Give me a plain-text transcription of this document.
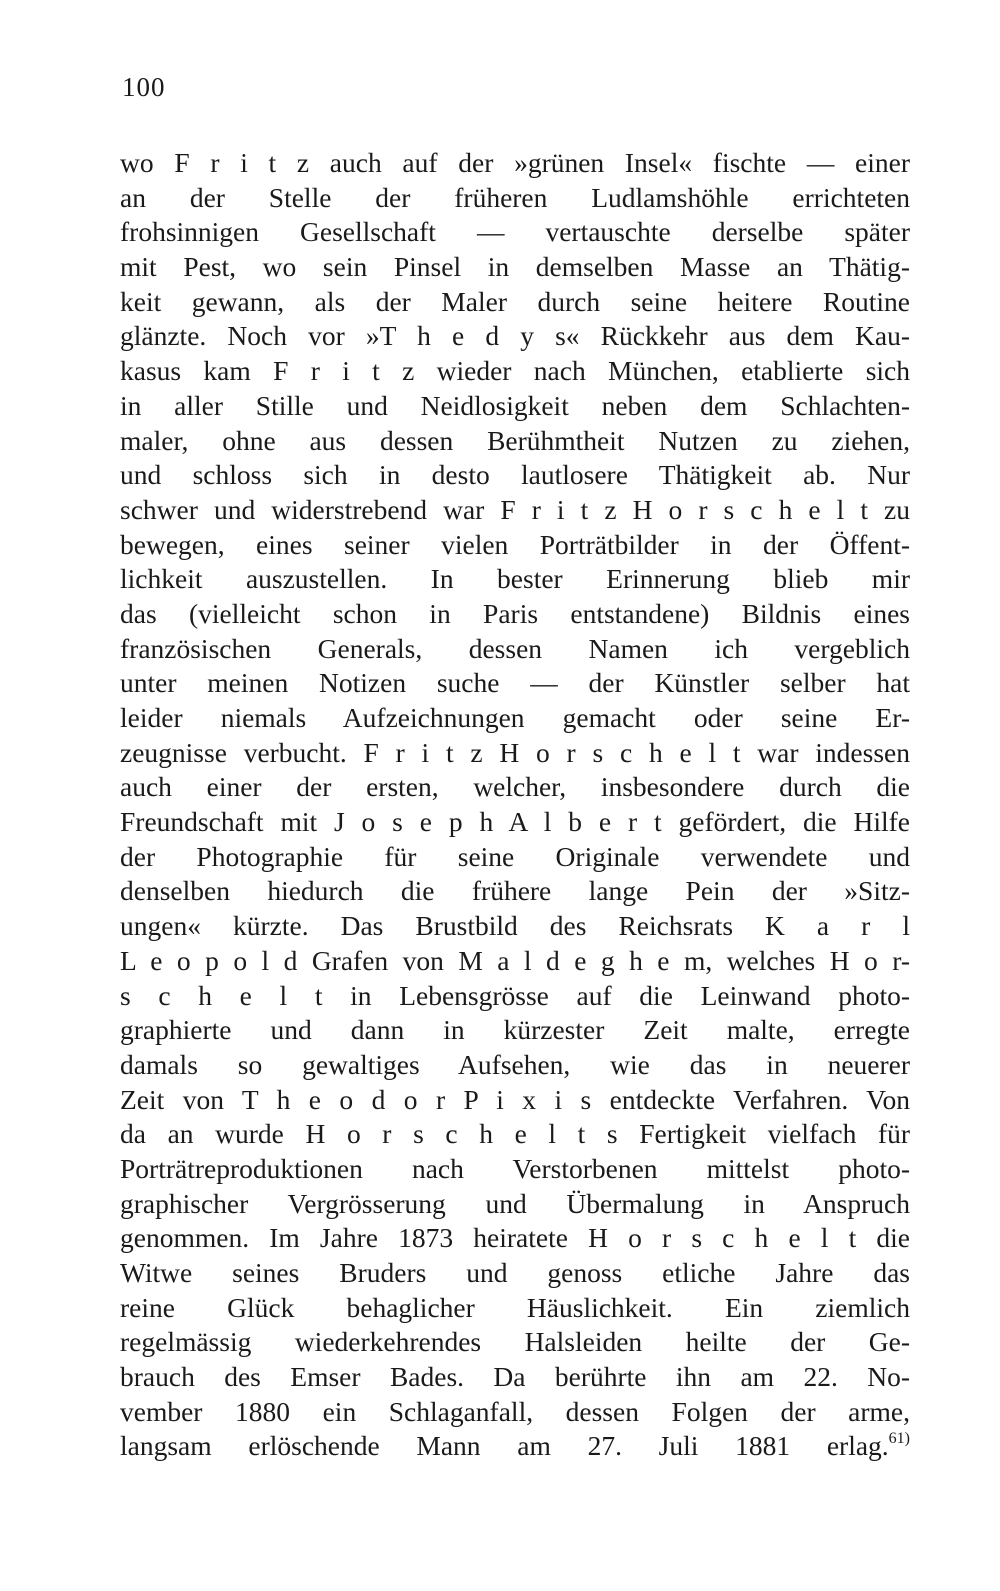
100
wo F r i t z auch auf der »grünen Insel« fischte — einer
an der Stelle der früheren Ludlamshöhle errichteten
frohsinnigen Gesellschaft — vertauschte derselbe später
mit Pest, wo sein Pinsel in demselben Masse an Thätig-
keit gewann, als der Maler durch seine heitere Routine
glänzte. Noch vor »T h e d y s« Rückkehr aus dem Kau-
kasus kam F r i t z wieder nach München, etablierte sich
in aller Stille und Neidlosigkeit neben dem Schlachten-
maler, ohne aus dessen Berühmtheit Nutzen zu ziehen,
und schloss sich in desto lautlosere Thätigkeit ab. Nur
schwer und widerstrebend war F r i t z H o r s c h e l t zu
bewegen, eines seiner vielen Porträtbilder in der Öffent-
lichkeit auszustellen. In bester Erinnerung blieb mir
das (vielleicht schon in Paris entstandene) Bildnis eines
französischen Generals, dessen Namen ich vergeblich
unter meinen Notizen suche — der Künstler selber hat
leider niemals Aufzeichnungen gemacht oder seine Er-
zeugnisse verbucht. F r i t z H o r s c h e l t war indessen
auch einer der ersten, welcher, insbesondere durch die
Freundschaft mit J o s e p h A l b e r t gefördert, die Hilfe
der Photographie für seine Originale verwendete und
denselben hiedurch die frühere lange Pein der »Sitz-
ungen« kürzte. Das Brustbild des Reichsrats K a r l
L e o p o l d Grafen von M a l d e g h e m, welches H o r-
s c h e l t in Lebensgrösse auf die Leinwand photo-
graphierte und dann in kürzester Zeit malte, erregte
damals so gewaltiges Aufsehen, wie das in neuerer
Zeit von T h e o d o r P i x i s entdeckte Verfahren. Von
da an wurde H o r s c h e l t s Fertigkeit vielfach für
Porträtreproduktionen nach Verstorbenen mittelst photo-
graphischer Vergrösserung und Übermalung in Anspruch
genommen. Im Jahre 1873 heiratete H o r s c h e l t die
Witwe seines Bruders und genoss etliche Jahre das
reine Glück behaglicher Häuslichkeit. Ein ziemlich
regelmässig wiederkehrendes Halsleiden heilte der Ge-
brauch des Emser Bades. Da berührte ihn am 22. No-
vember 1880 ein Schlaganfall, dessen Folgen der arme,
langsam erlöschende Mann am 27. Juli 1881 erlag.$^{61)}$
